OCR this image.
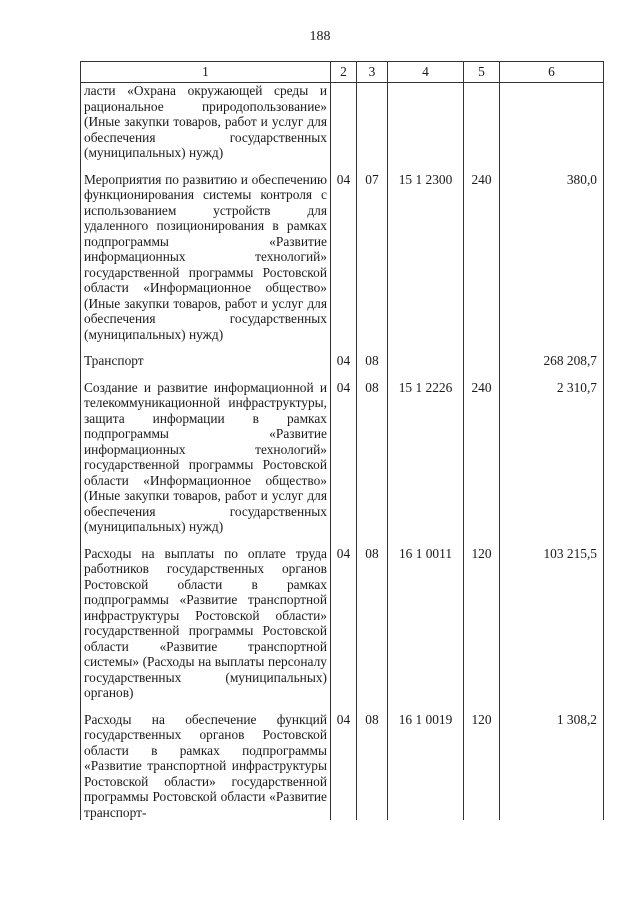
188
1	2	3	4	5	6
ласти «Охрана окружающей среды и рациональное природопользование» (Иные закупки товаров, работ и услуг для обеспечения государственных (муниципальных) нужд)					
Мероприятия по развитию и обеспечению функционирования системы контроля с использованием устройств для удаленного позиционирования в рамках подпрограммы «Развитие информационных технологий» государственной программы Ростовской области «Информационное общество» (Иные закупки товаров, работ и услуг для обеспечения государственных (муниципальных) нужд)	04	07	15 1 2300	240	380,0
Транспорт	04	08			268 208,7
Создание и развитие информационной и телекоммуникационной инфраструктуры, защита информации в рамках подпрограммы «Развитие информационных технологий» государственной программы Ростовской области «Информационное общество» (Иные закупки товаров, работ и услуг для обеспечения государственных (муниципальных) нужд)	04	08	15 1 2226	240	2 310,7
Расходы на выплаты по оплате труда работников государственных органов Ростовской области в рамках подпрограммы «Развитие транспортной инфраструктуры Ростовской области» государственной программы Ростовской области «Развитие транспортной системы» (Расходы на выплаты персоналу государственных (муниципальных) органов)	04	08	16 1 0011	120	103 215,5
Расходы на обеспечение функций государственных органов Ростовской области в рамках подпрограммы «Развитие транспортной инфраструктуры Ростовской области» государственной программы Ростовской области «Развитие транспорт-	04	08	16 1 0019	120	1 308,2
